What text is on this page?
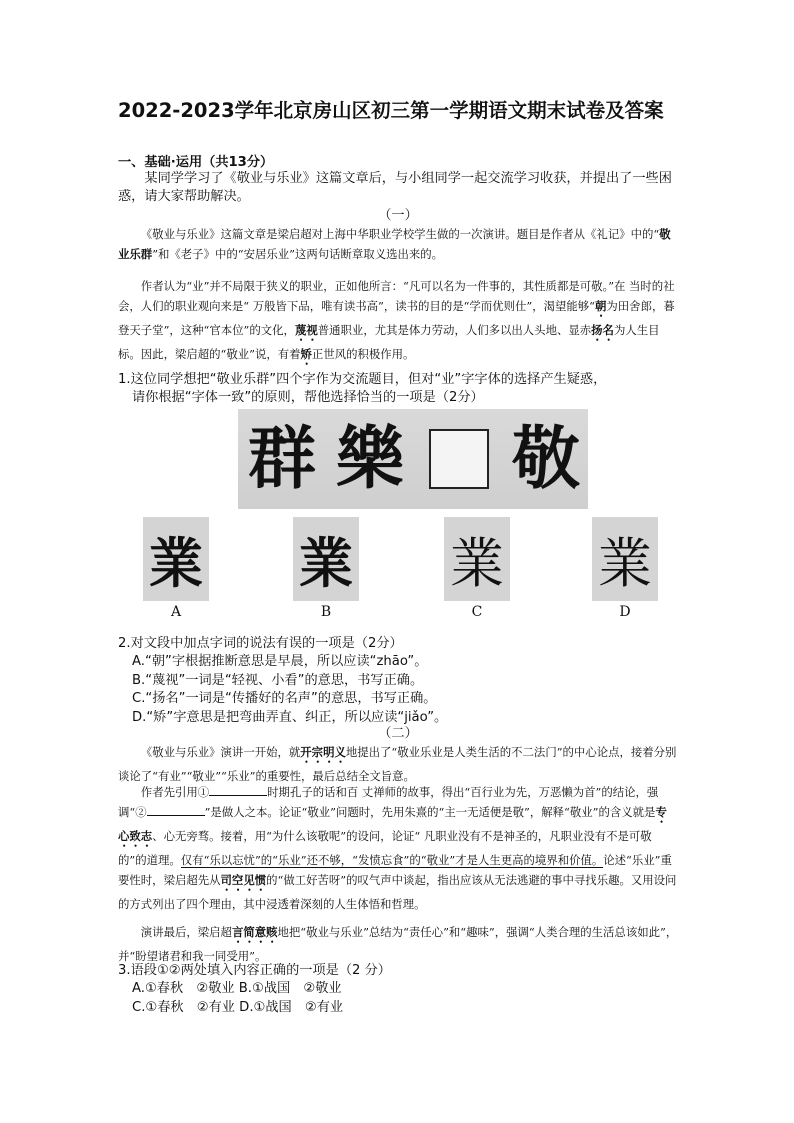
2022-2023学年北京房山区初三第一学期语文期末试卷及答案
一、基础·运用（共13分）
某同学学习了《敬业与乐业》这篇文章后，与小组同学一起交流学习收获，并提出了一些困惑，请大家帮助解决。
（一）
《敬业与乐业》这篇文章是梁启超对上海中华职业学校学生做的一次演讲。题目是作者从《礼记》中的“敬业乐群”和《老子》中的“安居乐业”这两句话断章取义选出来的。
作者认为“业”并不局限于狭义的职业，正如他所言：“凡可以名为一件事的，其性质都是可敬。”在 当时的社会，人们的职业观向来是“ 万般皆下品，唯有读书高”，读书的目的是“学而优则仕”，渴望能够“朝为田舍郎，暮登天子堂”，这种“官本位”的文化，蔑视普通职业，尤其是体力劳动，人们多以出人头地、显赤扬名为人生目标。因此，梁启超的“敬业”说，有着矫正世风的积极作用。
1.这位同学想把“敬业乐群”四个字作为交流题目，但对“业”字字体的选择产生疑惑，
请你根据“字体一致”的原则，帮他选择恰当的一项是（2分）
群 樂 敬
業 業 業 業
A	B	C	D
2.对文段中加点字词的说法有误的一项是（2分）
A.“朝”字根据推断意思是早晨，所以应读“zhāo”。
B.“蔑视”一词是“轻视、小看”的意思，书写正确。
C.“扬名”一词是“传播好的名声”的意思，书写正确。
D.“矫”字意思是把弯曲弄直、纠正，所以应读“jiǎo”。
（二）
《敬业与乐业》演讲一开始，就开宗明义地提出了“敬业乐业是人类生活的不二法门”的中心论点，接着分别谈论了“有业”“敬业”“乐业”的重要性，最后总结全文旨意。
作者先引用①	时期孔子的话和百 丈禅师的故事，得出“百行业为先，万恶懒为首”的结论，强调“②	”是做人之本。论证“敬业”问题时，先用朱熹的“主一无适便是敬”，解释“敬业”的含义就是专心致志、心无旁骛。接着，用“为什么该敬呢”的设问，论证“ 凡职业没有不是神圣的，凡职业没有不是可敬的”的道理。仅有“乐以忘忧”的“乐业”还不够，“发愤忘食”的“敬业”才是人生更高的境界和价值。论述“乐业”重要性时，梁启超先从司空见惯的“做工好苦呀”的叹气声中谈起，指出应该从无法逃避的事中寻找乐趣。又用设问的方式列出了四个理由，其中浸透着深刻的人生体悟和哲理。
演讲最后，梁启超言简意赅地把“敬业与乐业”总结为“责任心”和“趣味”，强调“人类合理的生活总该如此”，并“盼望诸君和我一同受用”。
3.语段①②两处填入内容正确的一项是（2 分）
A.①春秋　②敬业 B.①战国　②敬业
C.①春秋　②有业 D.①战国　②有业
